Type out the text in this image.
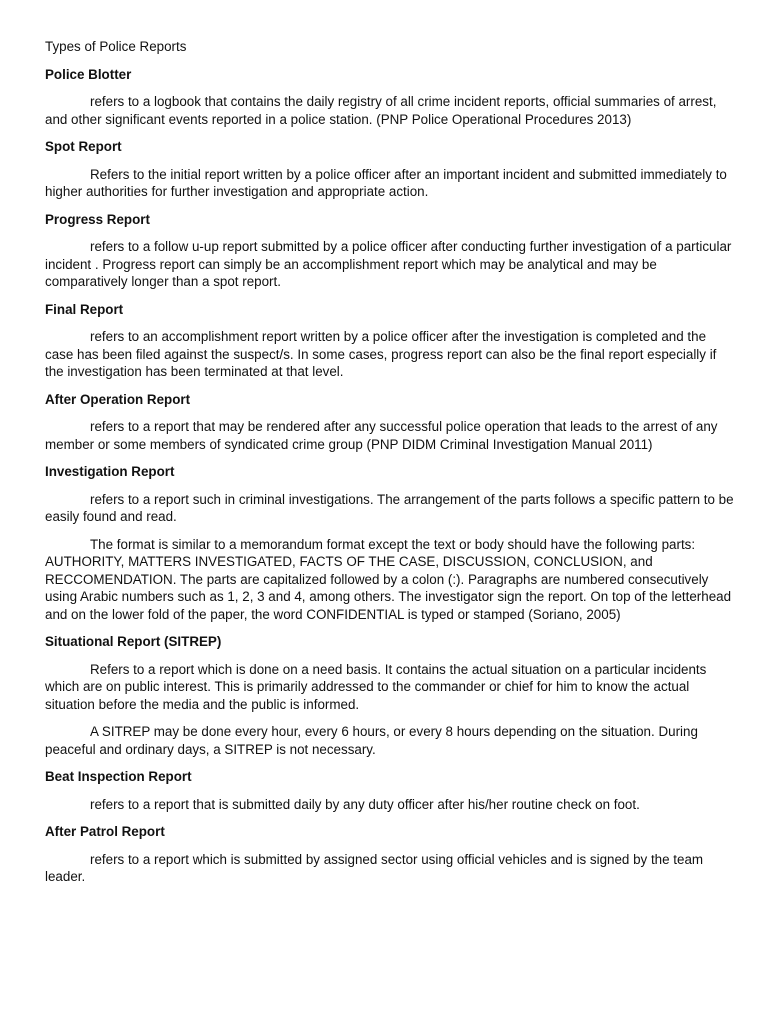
Types of Police Reports
Police Blotter

refers to a logbook that contains the daily registry of all crime incident reports, official summaries of arrest, and other significant events reported in a police station. (PNP Police Operational Procedures 2013)

Spot Report

Refers to the initial report written by a police officer after an important incident and submitted immediately to higher authorities for further investigation and appropriate action.

Progress Report

refers to a follow u-up report submitted by a police officer after conducting further investigation of a particular incident . Progress report can simply be an accomplishment report which may be analytical and may be comparatively longer than a spot report.

Final Report

refers to an accomplishment report written by a police officer after the investigation is completed and the case has been filed against the suspect/s. In some cases, progress report can also be the final report especially if the investigation has been terminated at that level.

After Operation Report

refers to a report that may be rendered after any successful police operation that leads to the arrest of any member or some members of syndicated crime group (PNP DIDM Criminal Investigation Manual 2011)

Investigation Report

refers to a report such in criminal investigations. The arrangement of the parts follows a specific pattern to be easily found and read.

The format is similar to a memorandum format except the text or body should have the following parts: AUTHORITY, MATTERS INVESTIGATED, FACTS OF THE CASE, DISCUSSION, CONCLUSION, and RECCOMENDATION. The parts are capitalized followed by a colon (:). Paragraphs are numbered consecutively using Arabic numbers such as 1, 2, 3 and 4, among others. The investigator sign the report. On top of the letterhead and on the lower fold of the paper, the word CONFIDENTIAL is typed or stamped (Soriano, 2005)

Situational Report (SITREP)

Refers to a report which is done on a need basis. It contains the actual situation on a particular incidents which are on public interest. This is primarily addressed to the commander or chief for him to know the actual situation before the media and the public is informed.

A SITREP may be done every hour, every 6 hours, or every 8 hours depending on the situation. During peaceful and ordinary days, a SITREP is not necessary.

Beat Inspection Report

refers to a report that is submitted daily by any duty officer after his/her routine check on foot.

After Patrol Report

refers to a report which is submitted by assigned sector using official vehicles and is signed by the team leader.
